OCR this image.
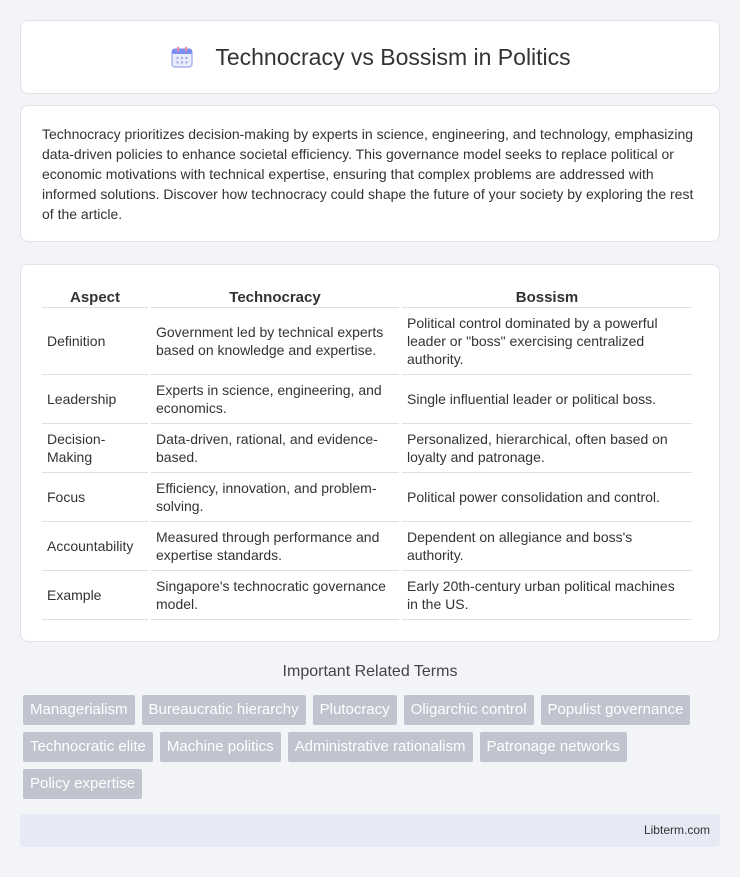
Technocracy vs Bossism in Politics

Technocracy prioritizes decision-making by experts in science, engineering, and technology, emphasizing data-driven policies to enhance societal efficiency. This governance model seeks to replace political or economic motivations with technical expertise, ensuring that complex problems are addressed with informed solutions. Discover how technocracy could shape the future of your society by exploring the rest of the article.

Aspect	Technocracy	Bossism
Definition	Government led by technical experts based on knowledge and expertise.	Political control dominated by a powerful leader or "boss" exercising centralized authority.
Leadership	Experts in science, engineering, and economics.	Single influential leader or political boss.
Decision-Making	Data-driven, rational, and evidence-based.	Personalized, hierarchical, often based on loyalty and patronage.
Focus	Efficiency, innovation, and problem-solving.	Political power consolidation and control.
Accountability	Measured through performance and expertise standards.	Dependent on allegiance and boss's authority.
Example	Singapore's technocratic governance model.	Early 20th-century urban political machines in the US.
Important Related Terms
Managerialism	Bureaucratic hierarchy	Plutocracy	Oligarchic control	Populist governance
Technocratic elite	Machine politics	Administrative rationalism	Patronage networks
Policy expertise
Libterm.com
